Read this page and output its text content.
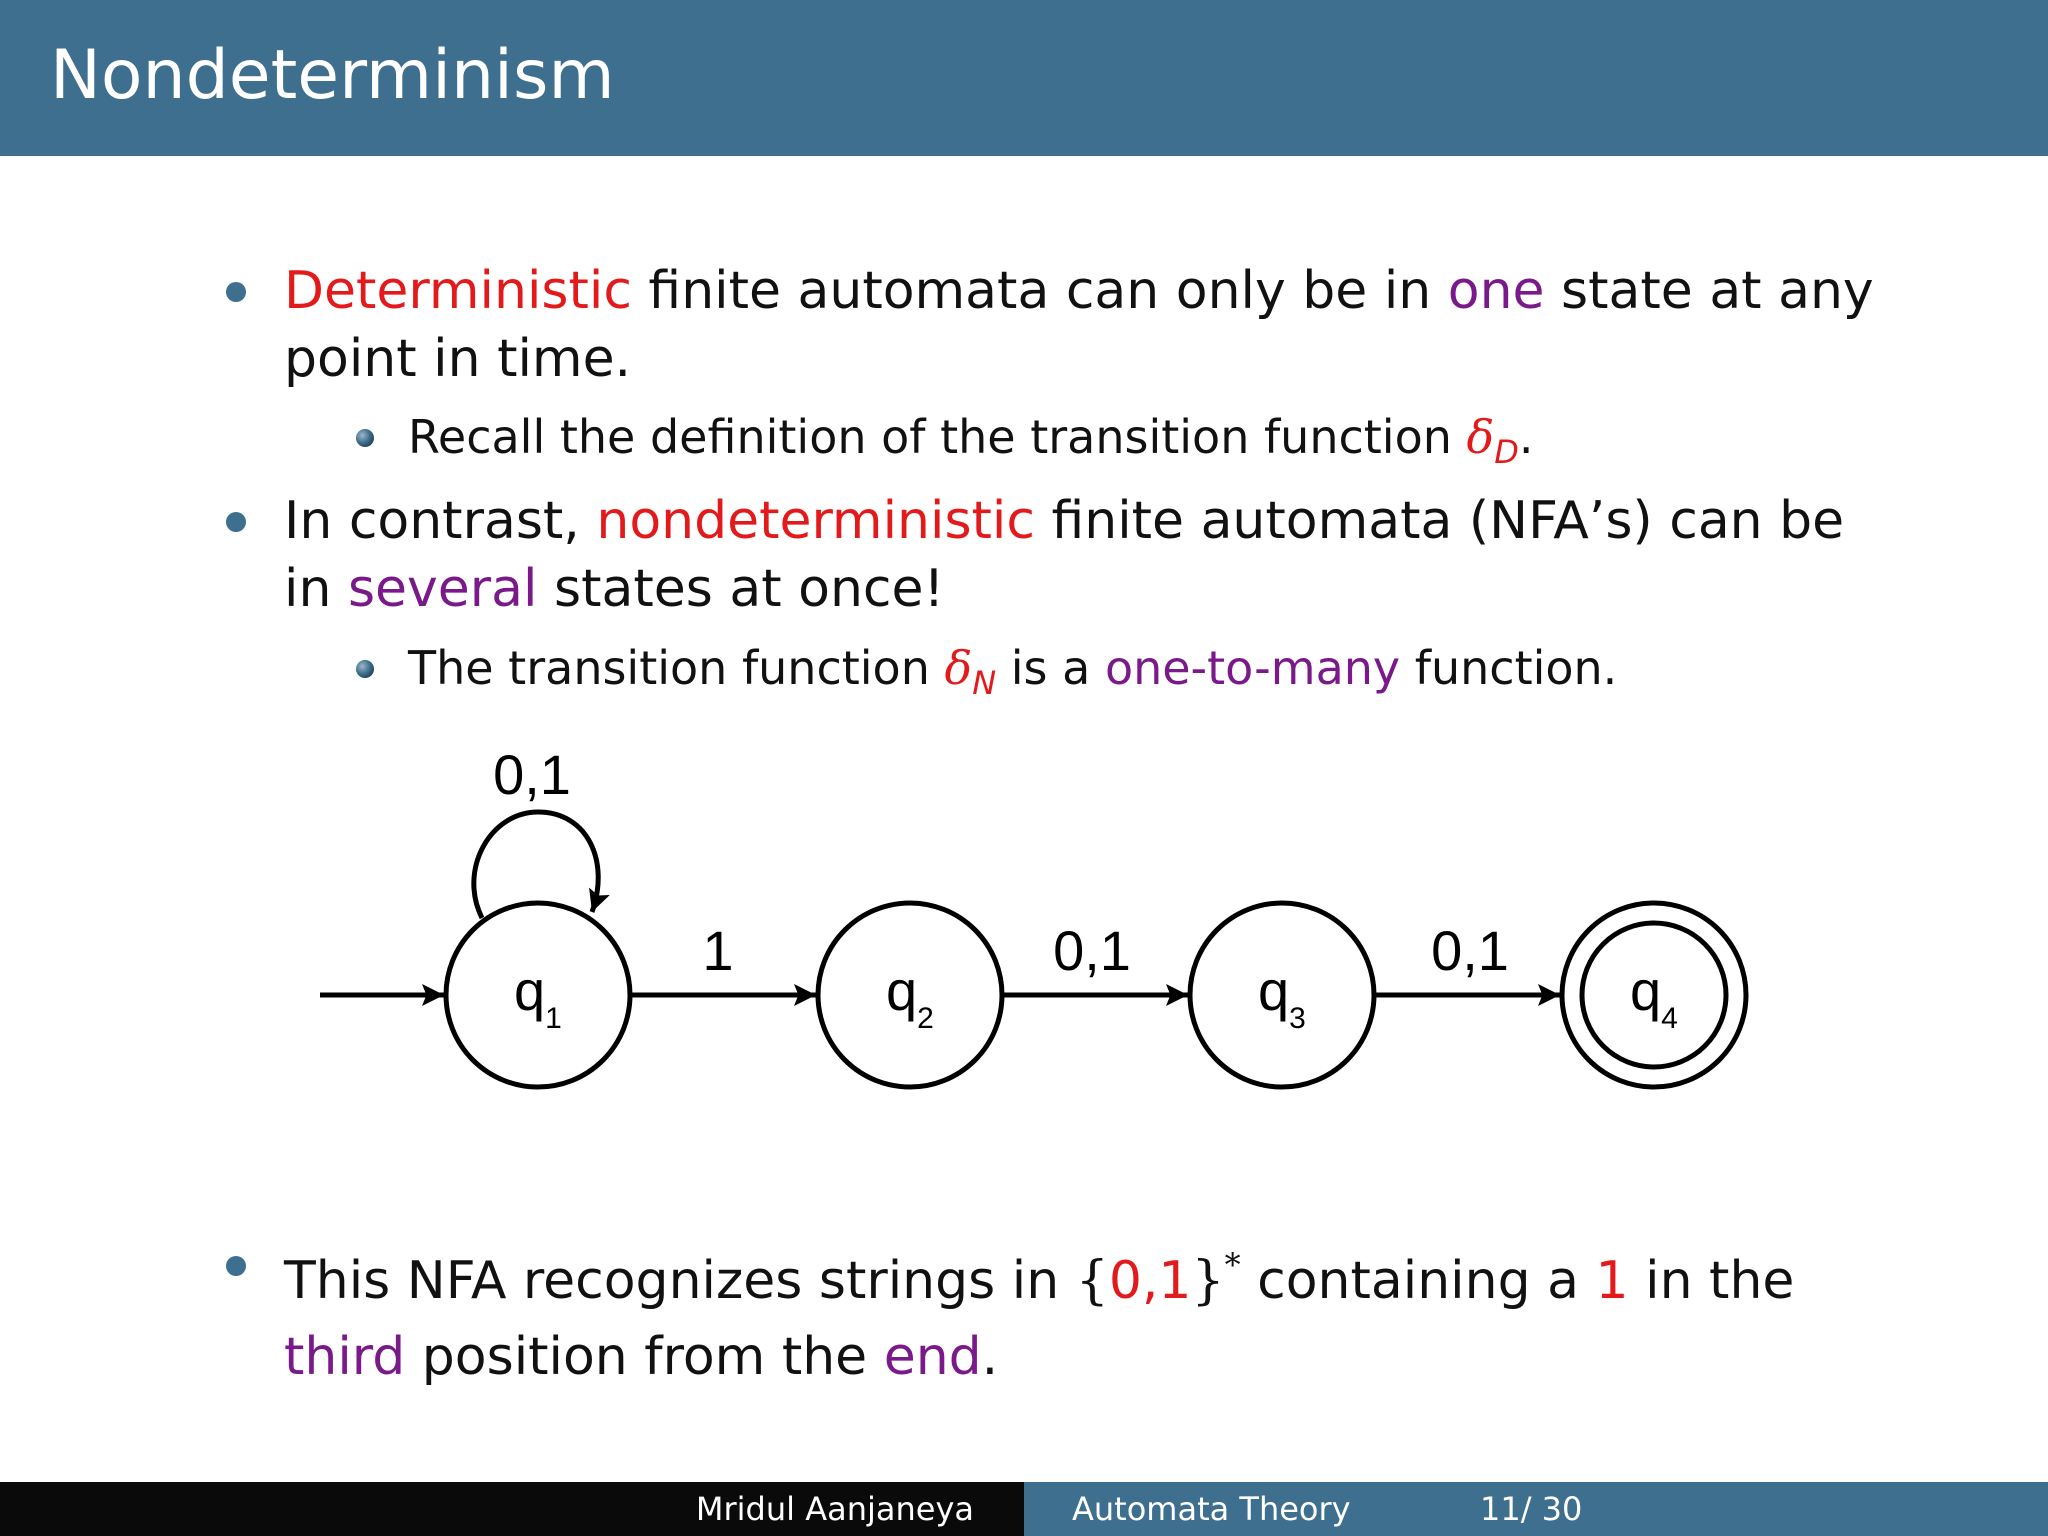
Nondeterminism
Deterministic finite automata can only be in one state at any
point in time.
Recall the definition of the transition function $\delta_D$.
In contrast, nondeterministic finite automata (NFA’s) can be
in several states at once!
The transition function $\delta_N$ is a one-to-many function.
$q_1$	$q_2$	$q_3$	$q_4$
0,1
1	0,1	0,1
This NFA recognizes strings in {0,1}* containing a 1 in the
third position from the end.
Mridul Aanjaneya	Automata Theory	11/ 30
